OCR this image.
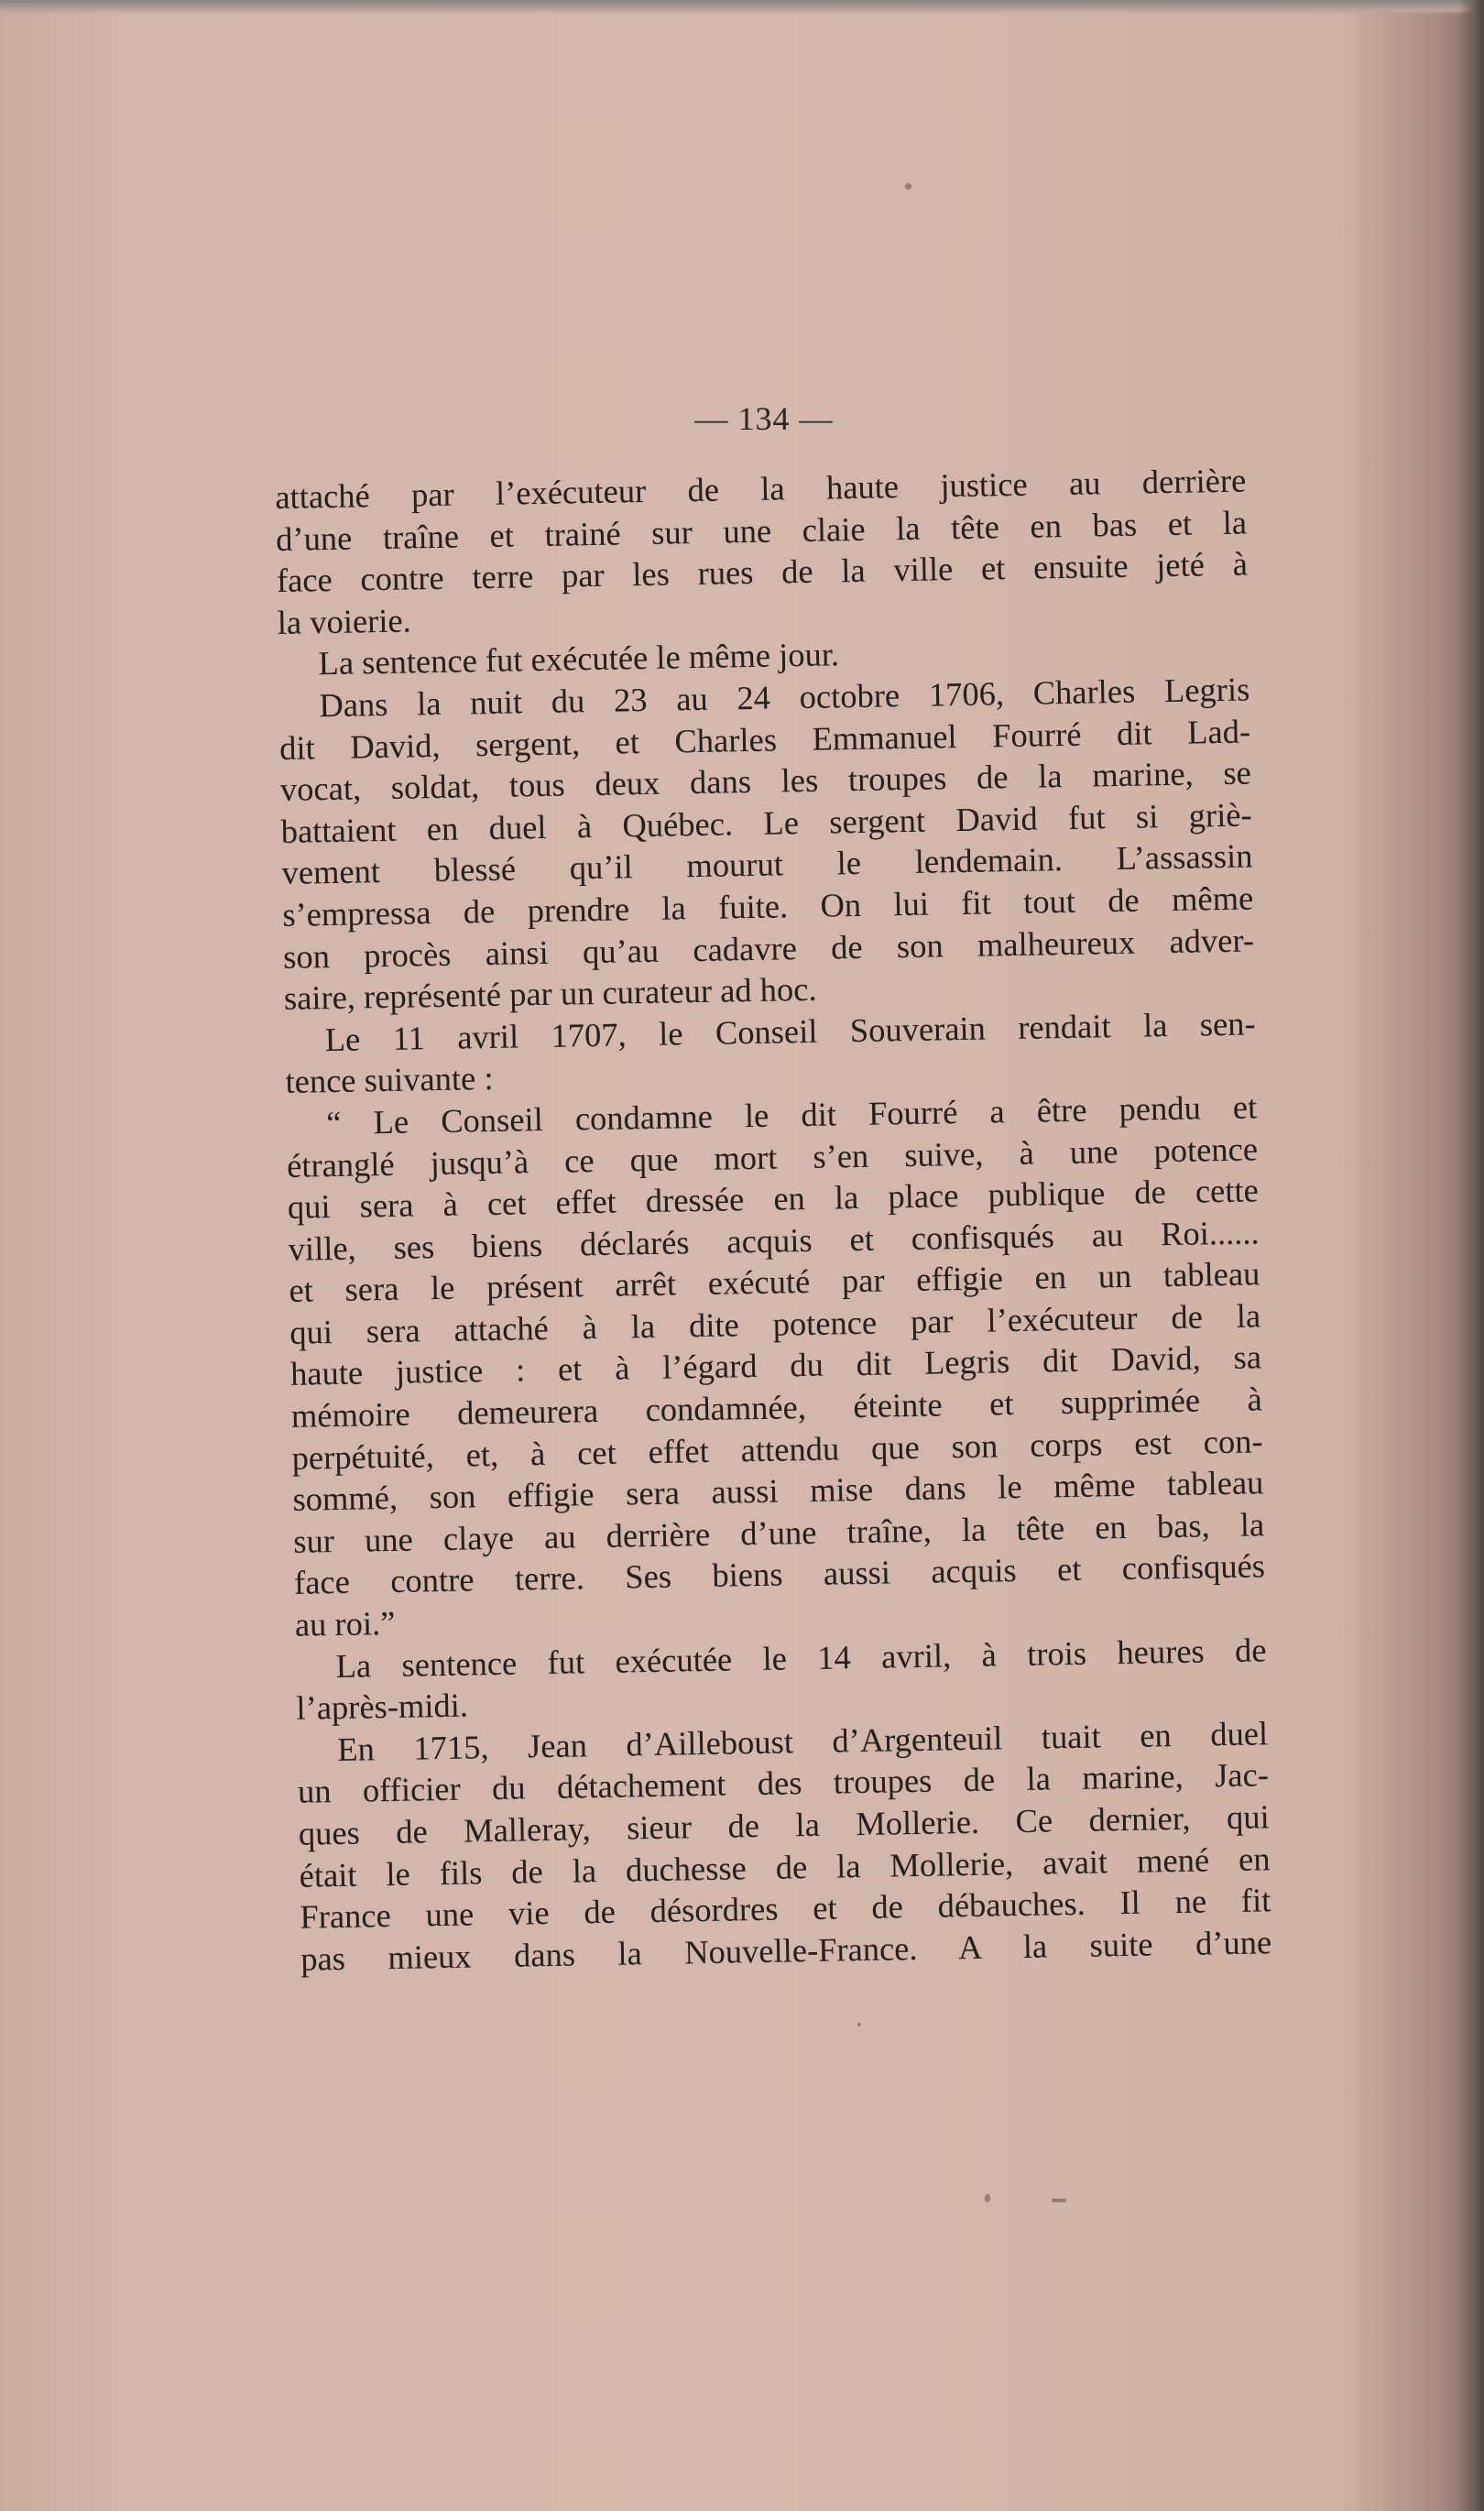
— 134 —
attaché par l’exécuteur de la haute justice au derrière
d’une traîne et trainé sur une claie la tête en bas et la
face contre terre par les rues de la ville et ensuite jeté à
la voierie.
La sentence fut exécutée le même jour.
Dans la nuit du 23 au 24 octobre 1706, Charles Legris
dit David, sergent, et Charles Emmanuel Fourré dit Lad-
vocat, soldat, tous deux dans les troupes de la marine, se
battaient en duel à Québec. Le sergent David fut si griè-
vement blessé qu’il mourut le lendemain. L’assassin
s’empressa de prendre la fuite. On lui fit tout de même
son procès ainsi qu’au cadavre de son malheureux adver-
saire, représenté par un curateur ad hoc.
Le 11 avril 1707, le Conseil Souverain rendait la sen-
tence suivante :
“ Le Conseil condamne le dit Fourré a être pendu et
étranglé jusqu’à ce que mort s’en suive, à une potence
qui sera à cet effet dressée en la place publique de cette
ville, ses biens déclarés acquis et confisqués au Roi......
et sera le présent arrêt exécuté par effigie en un tableau
qui sera attaché à la dite potence par l’exécuteur de la
haute justice : et à l’égard du dit Legris dit David, sa
mémoire demeurera condamnée, éteinte et supprimée à
perpétuité, et, à cet effet attendu que son corps est con-
sommé, son effigie sera aussi mise dans le même tableau
sur une claye au derrière d’une traîne, la tête en bas, la
face contre terre. Ses biens aussi acquis et confisqués
au roi.”
La sentence fut exécutée le 14 avril, à trois heures de
l’après-midi.
En 1715, Jean d’Ailleboust d’Argenteuil tuait en duel
un officier du détachement des troupes de la marine, Jac-
ques de Malleray, sieur de la Mollerie. Ce dernier, qui
était le fils de la duchesse de la Mollerie, avait mené en
France une vie de désordres et de débauches. Il ne fit
pas mieux dans la Nouvelle-France. A la suite d’une
